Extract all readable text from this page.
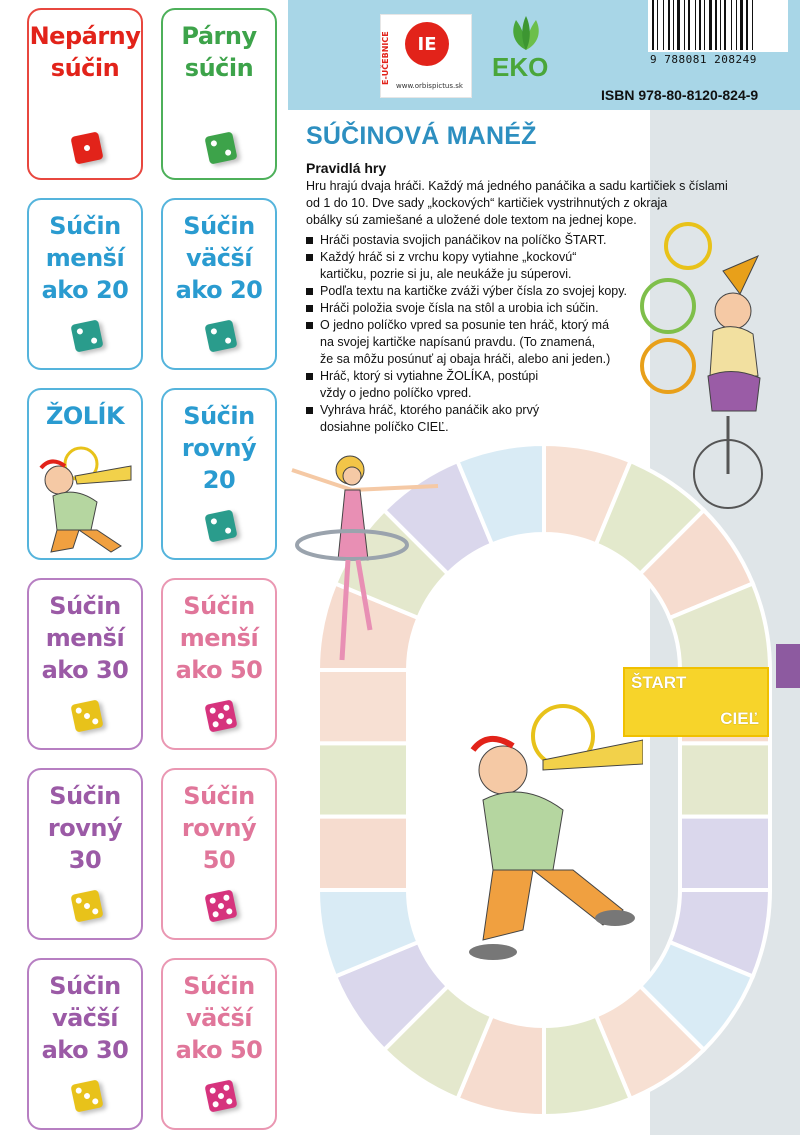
Nepárny
súčin
Párny
súčin
Súčin
menší
ako 20
Súčin
väčší
ako 20
ŽOLÍK Súčin
rovný
20
Súčin
menší
ako 30
Súčin
menší
ako 50
Súčin
rovný
30
Súčin
rovný
50
Súčin
väčší
ako 30
Súčin
väčší
ako 50
E-UČEBNICE	IE
www.orbispictus.sk
EKO	9 788081 208249
ISBN 978-80-8120-824-9
SÚČINOVÁ MANÉŽ
Pravidlá hry
Hru hrajú dvaja hráči. Každý má jedného panáčika a sadu kartičiek s číslami
od 1 do 10. Dve sady „kockových“ kartičiek vystrihnutých z okraja
obálky sú zamiešané a uložené dole textom na jednej kope.
Hráči postavia svojich panáčikov na políčko ŠTART.
Každý hráč si z vrchu kopy vytiahne „kockovú“
kartičku, pozrie si ju, ale neukáže ju súperovi.
Podľa textu na kartičke zváži výber čísla zo svojej kopy.
Hráči položia svoje čísla na stôl a urobia ich súčin.
O jedno políčko vpred sa posunie ten hráč, ktorý má
na svojej kartičke napísanú pravdu. (To znamená,
že sa môžu posúnuť aj obaja hráči, alebo ani jeden.)
Hráč, ktorý si vytiahne ŽOLÍKA, postúpi
vždy o jedno políčko vpred.
Vyhráva hráč, ktorého panáčik ako prvý
dosiahne políčko CIEĽ.
ŠTART
CIEĽ
